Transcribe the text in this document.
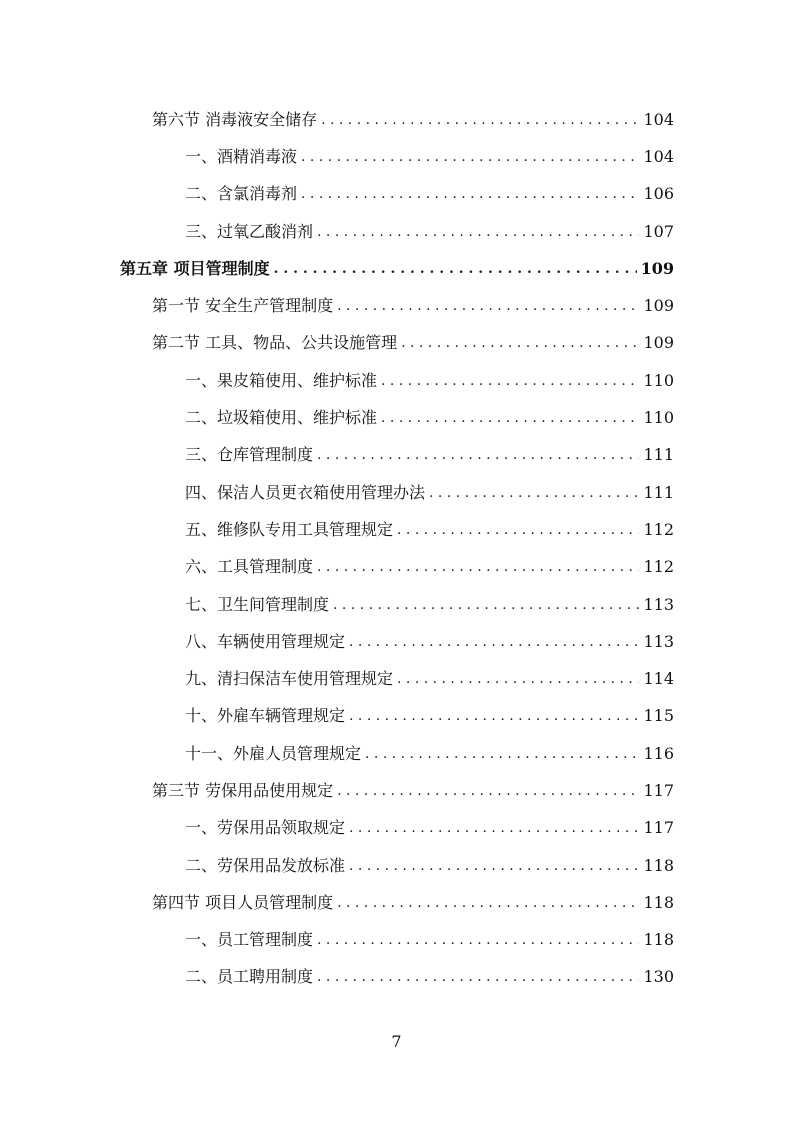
第六节 消毒液安全储存 . . .	104
一、酒精消毒液 . . .	104
二、含氯消毒剂 . . .	106
三、过氧乙酸消剂 . . .	107
第五章 项目管理制度 . . .	109
第一节 安全生产管理制度 . . .	109
第二节 工具、物品、公共设施管理 . . .	109
一、果皮箱使用、维护标准 . . .	110
二、垃圾箱使用、维护标准 . . .	110
三、仓库管理制度 . . .	111
四、保洁人员更衣箱使用管理办法 . . .	111
五、维修队专用工具管理规定 . . .	112
六、工具管理制度 . . .	112
七、卫生间管理制度 . . .	113
八、车辆使用管理规定 . . .	113
九、清扫保洁车使用管理规定 . . .	114
十、外雇车辆管理规定 . . .	115
十一、外雇人员管理规定 . . .	116
第三节 劳保用品使用规定 . . .	117
一、劳保用品领取规定 . . .	117
二、劳保用品发放标准 . . .	118
第四节 项目人员管理制度 . . .	118
一、员工管理制度 . . .	118
二、员工聘用制度 . . .	130
7
